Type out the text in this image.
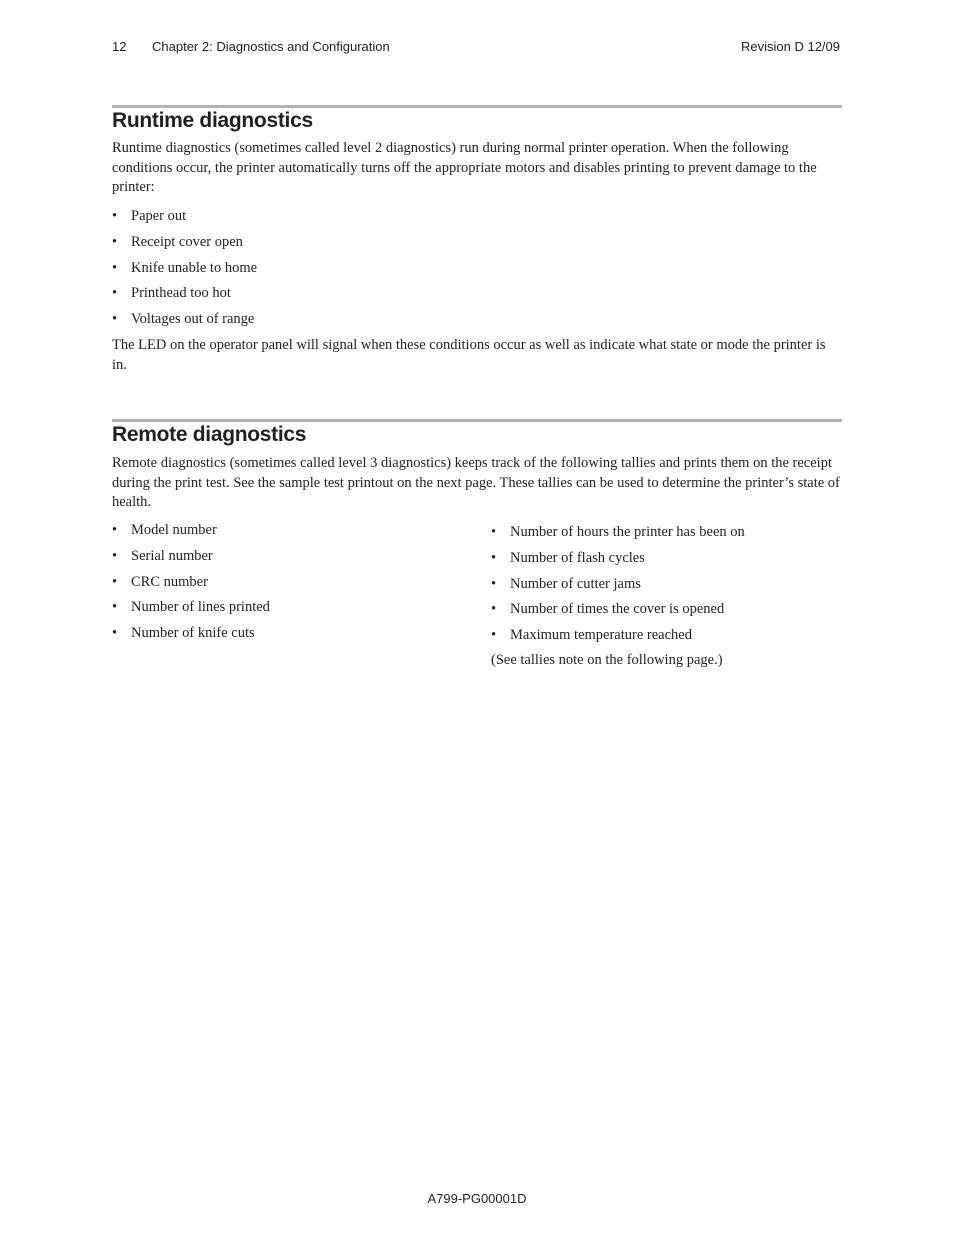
12 Chapter 2: Diagnostics and Configuration	Revision D 12/09
Runtime diagnostics

Runtime diagnostics (sometimes called level 2 diagnostics) run during normal printer operation. When the following conditions occur, the printer automatically turns off the appropriate motors and disables printing to prevent damage to the printer:

• Paper out
• Receipt cover open
• Knife unable to home
• Printhead too hot
• Voltages out of range

The LED on the operator panel will signal when these conditions occur as well as indicate what state or mode the printer is in.

Remote diagnostics

Remote diagnostics (sometimes called level 3 diagnostics) keeps track of the following tallies and prints them on the receipt during the print test. See the sample test printout on the next page. These tallies can be used to determine the printer’s state of health.

• Model number
• Serial number
• CRC number
• Number of lines printed
• Number of knife cuts
• Number of hours the printer has been on
• Number of flash cycles
• Number of cutter jams
• Number of times the cover is opened
• Maximum temperature reached

(See tallies note on the following page.)

A799-PG00001D
